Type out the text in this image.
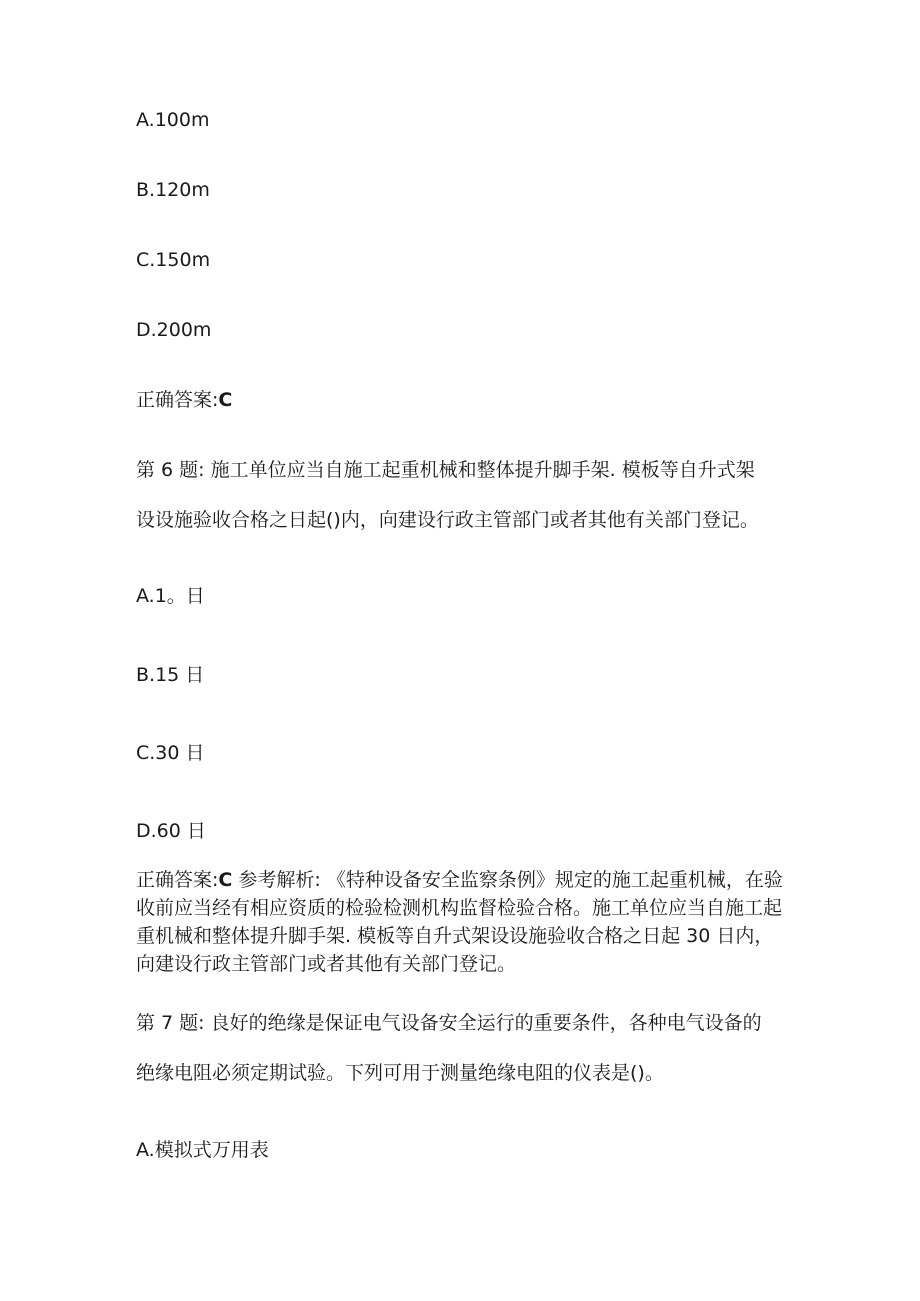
A.100m
B.120m
C.150m
D.200m
正确答案:C
第 6 题: 施工单位应当自施工起重机械和整体提升脚手架. 模板等自升式架
设设施验收合格之日起()内，向建设行政主管部门或者其他有关部门登记。
A.1。日
B.15 日
C.30 日
D.60 日
正确答案:C 参考解析: 《特种设备安全监察条例》规定的施工起重机械，在验收前应当经有相应资质的检验检测机构监督检验合格。施工单位应当自施工起重机械和整体提升脚手架. 模板等自升式架设设施验收合格之日起 30 日内，向建设行政主管部门或者其他有关部门登记。
第 7 题: 良好的绝缘是保证电气设备安全运行的重要条件，各种电气设备的
绝缘电阻必须定期试验。下列可用于测量绝缘电阻的仪表是()。
A.模拟式万用表
